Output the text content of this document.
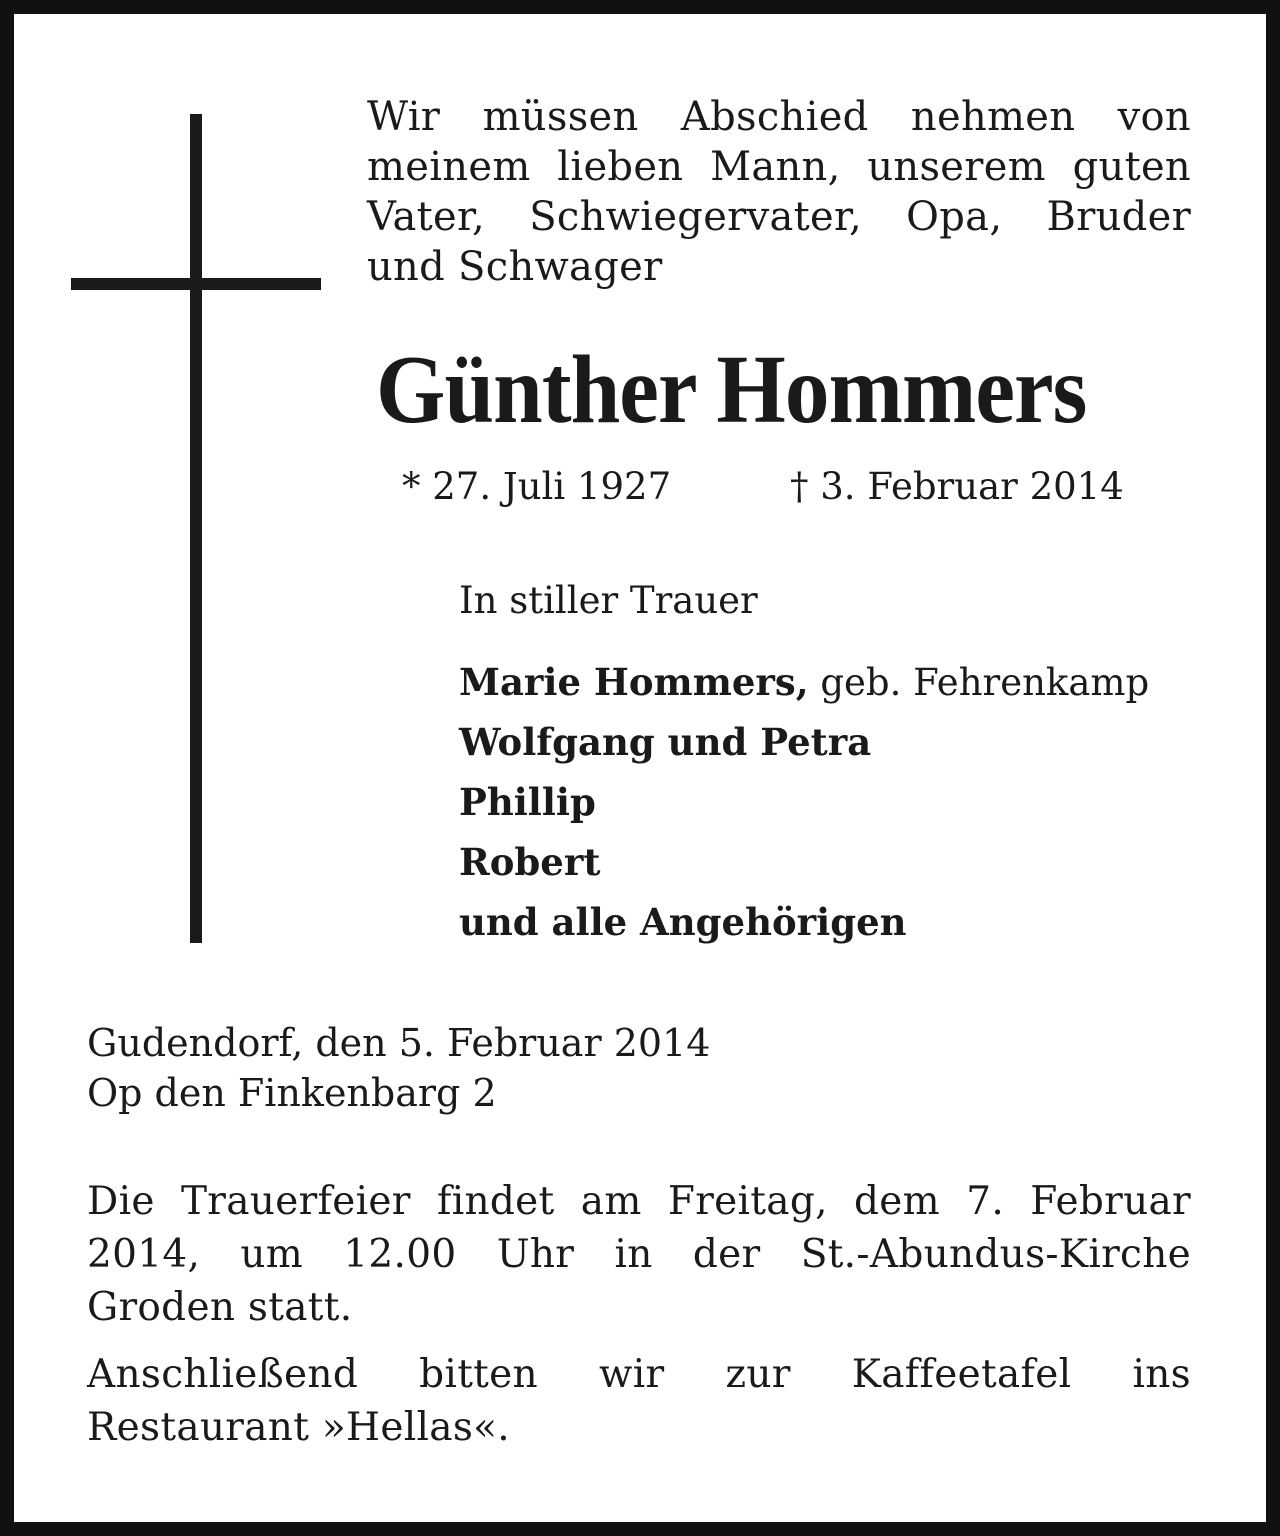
Wir müssen Abschied nehmen von
meinem lieben Mann, unserem guten
Vater, Schwiegervater, Opa, Bruder
und Schwager
Günther Hommers
* 27. Juli 1927	† 3. Februar 2014
In stiller Trauer
Marie Hommers, geb. Fehrenkamp
Wolfgang und Petra
Phillip
Robert
und alle Angehörigen
Gudendorf, den 5. Februar 2014
Op den Finkenbarg 2
Die Trauerfeier findet am Freitag, dem 7. Februar
2014, um 12.00 Uhr in der St.-Abundus-Kirche
Groden statt.
Anschließend bitten wir zur Kaffeetafel ins
Restaurant »Hellas«.
